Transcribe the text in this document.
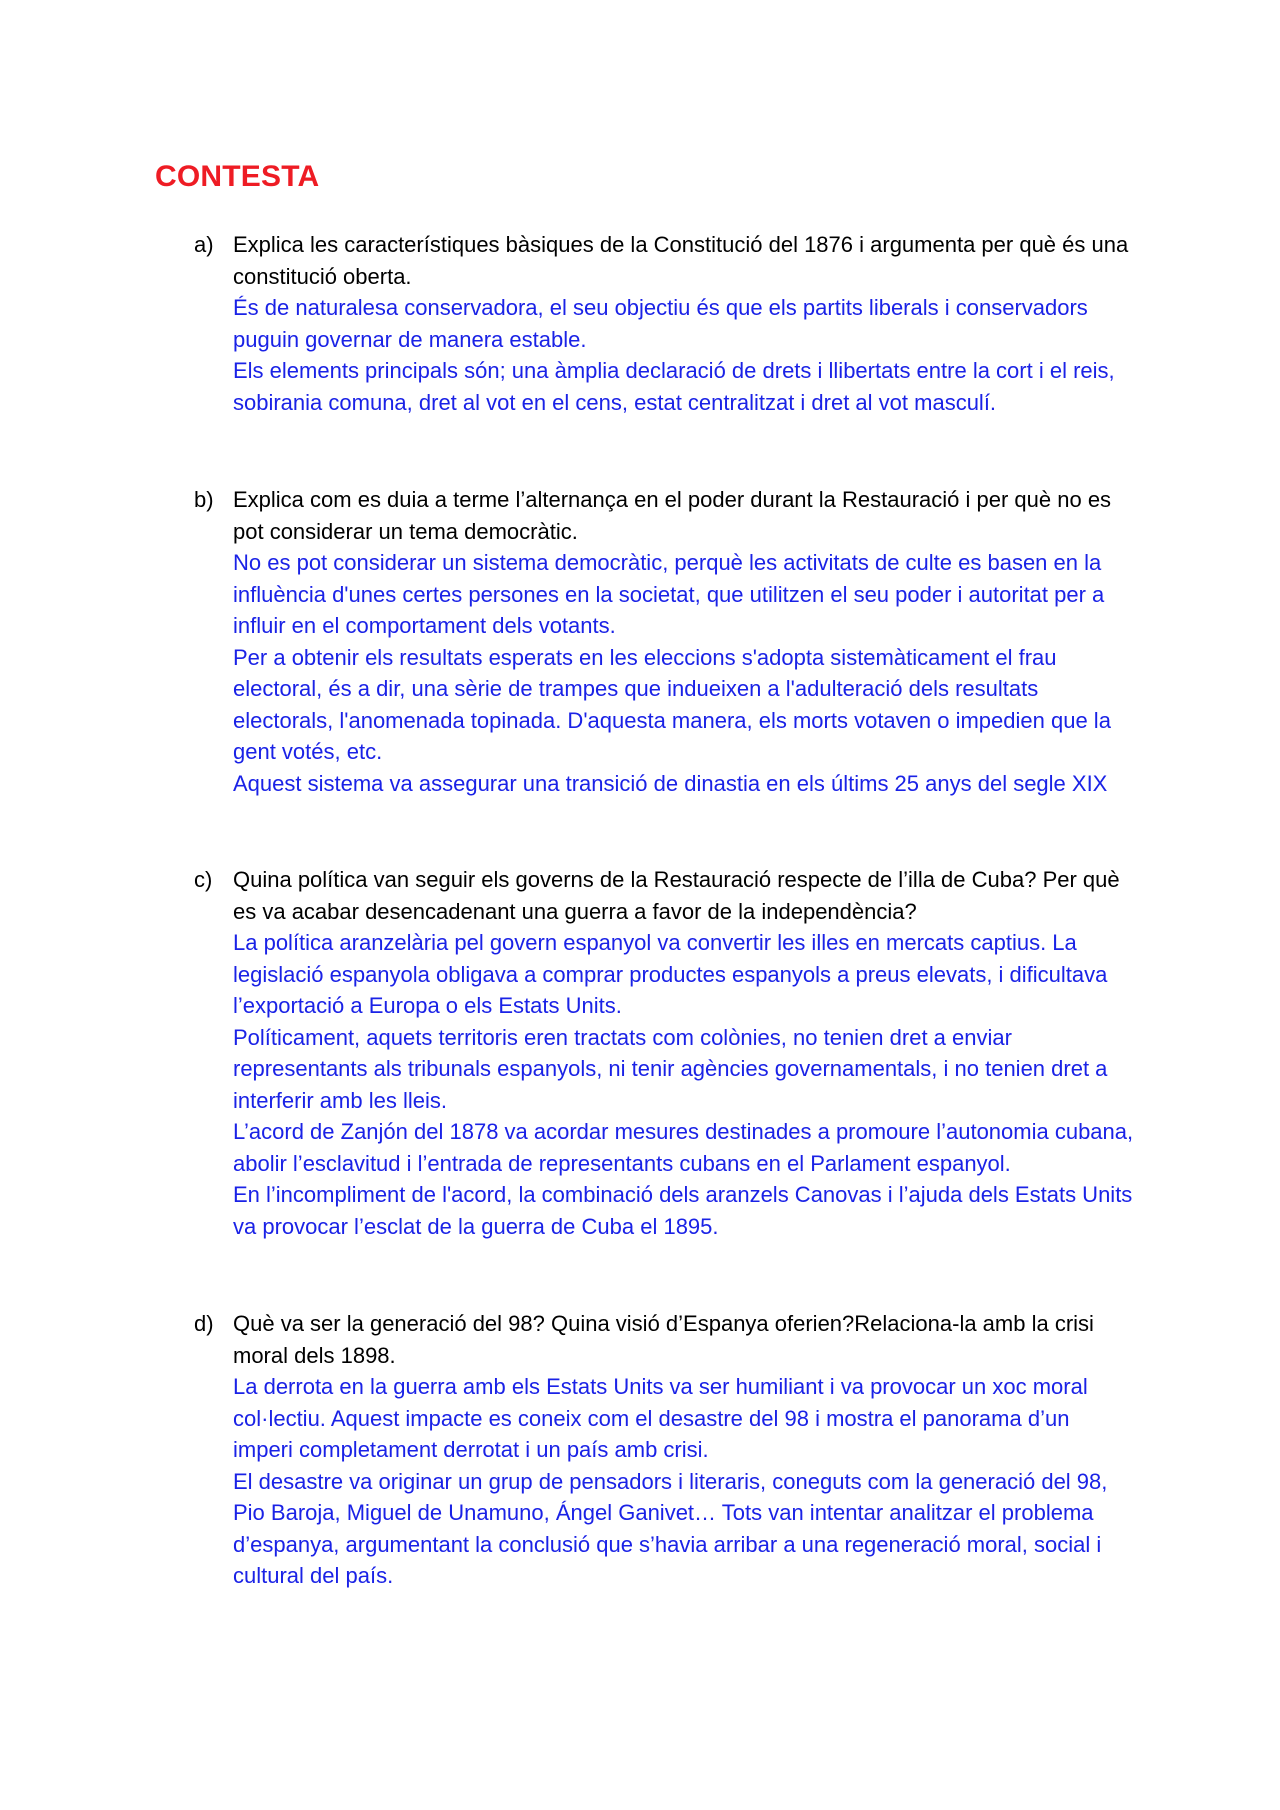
CONTESTA
a) Explica les característiques bàsiques de la Constitució del 1876 i argumenta per què és una constitució oberta.

És de naturalesa conservadora, el seu objectiu és que els partits liberals i conservadors puguin governar de manera estable.

Els elements principals són; una àmplia declaració de drets i llibertats entre la cort i el reis, sobirania comuna, dret al vot en el cens, estat centralitzat i dret al vot masculí.

b) Explica com es duia a terme l’alternança en el poder durant la Restauració i per què no es pot considerar un tema democràtic.

No es pot considerar un sistema democràtic, perquè les activitats de culte es basen en la influència d'unes certes persones en la societat, que utilitzen el seu poder i autoritat per a influir en el comportament dels votants.

Per a obtenir els resultats esperats en les eleccions s'adopta sistemàticament el frau electoral, és a dir, una sèrie de trampes que indueixen a l'adulteració dels resultats electorals, l'anomenada topinada. D'aquesta manera, els morts votaven o impedien que la gent votés, etc.

Aquest sistema va assegurar una transició de dinastia en els últims 25 anys del segle XIX

c) Quina política van seguir els governs de la Restauració respecte de l’illa de Cuba? Per què es va acabar desencadenant una guerra a favor de la independència?

La política aranzelària pel govern espanyol va convertir les illes en mercats captius. La legislació espanyola obligava a comprar productes espanyols a preus elevats, i dificultava l’exportació a Europa o els Estats Units.

Políticament, aquets territoris eren tractats com colònies, no tenien dret a enviar representants als tribunals espanyols, ni tenir agències governamentals, i no tenien dret a interferir amb les lleis.

L’acord de Zanjón del 1878 va acordar mesures destinades a promoure l’autonomia cubana, abolir l’esclavitud i l’entrada de representants cubans en el Parlament espanyol.

En l’incompliment de l'acord, la combinació dels aranzels Canovas i l’ajuda dels Estats Units va provocar l’esclat de la guerra de Cuba el 1895.

d) Què va ser la generació del 98? Quina visió d’Espanya oferien?Relaciona-la amb la crisi moral dels 1898.

La derrota en la guerra amb els Estats Units va ser humiliant i va provocar un xoc moral col·lectiu. Aquest impacte es coneix com el desastre del 98 i mostra el panorama d’un imperi completament derrotat i un país amb crisi.

El desastre va originar un grup de pensadors i literaris, coneguts com la generació del 98, Pio Baroja, Miguel de Unamuno, Ángel Ganivet… Tots van intentar analitzar el problema d’espanya, argumentant la conclusió que s’havia arribar a una regeneració moral, social i cultural del país.
